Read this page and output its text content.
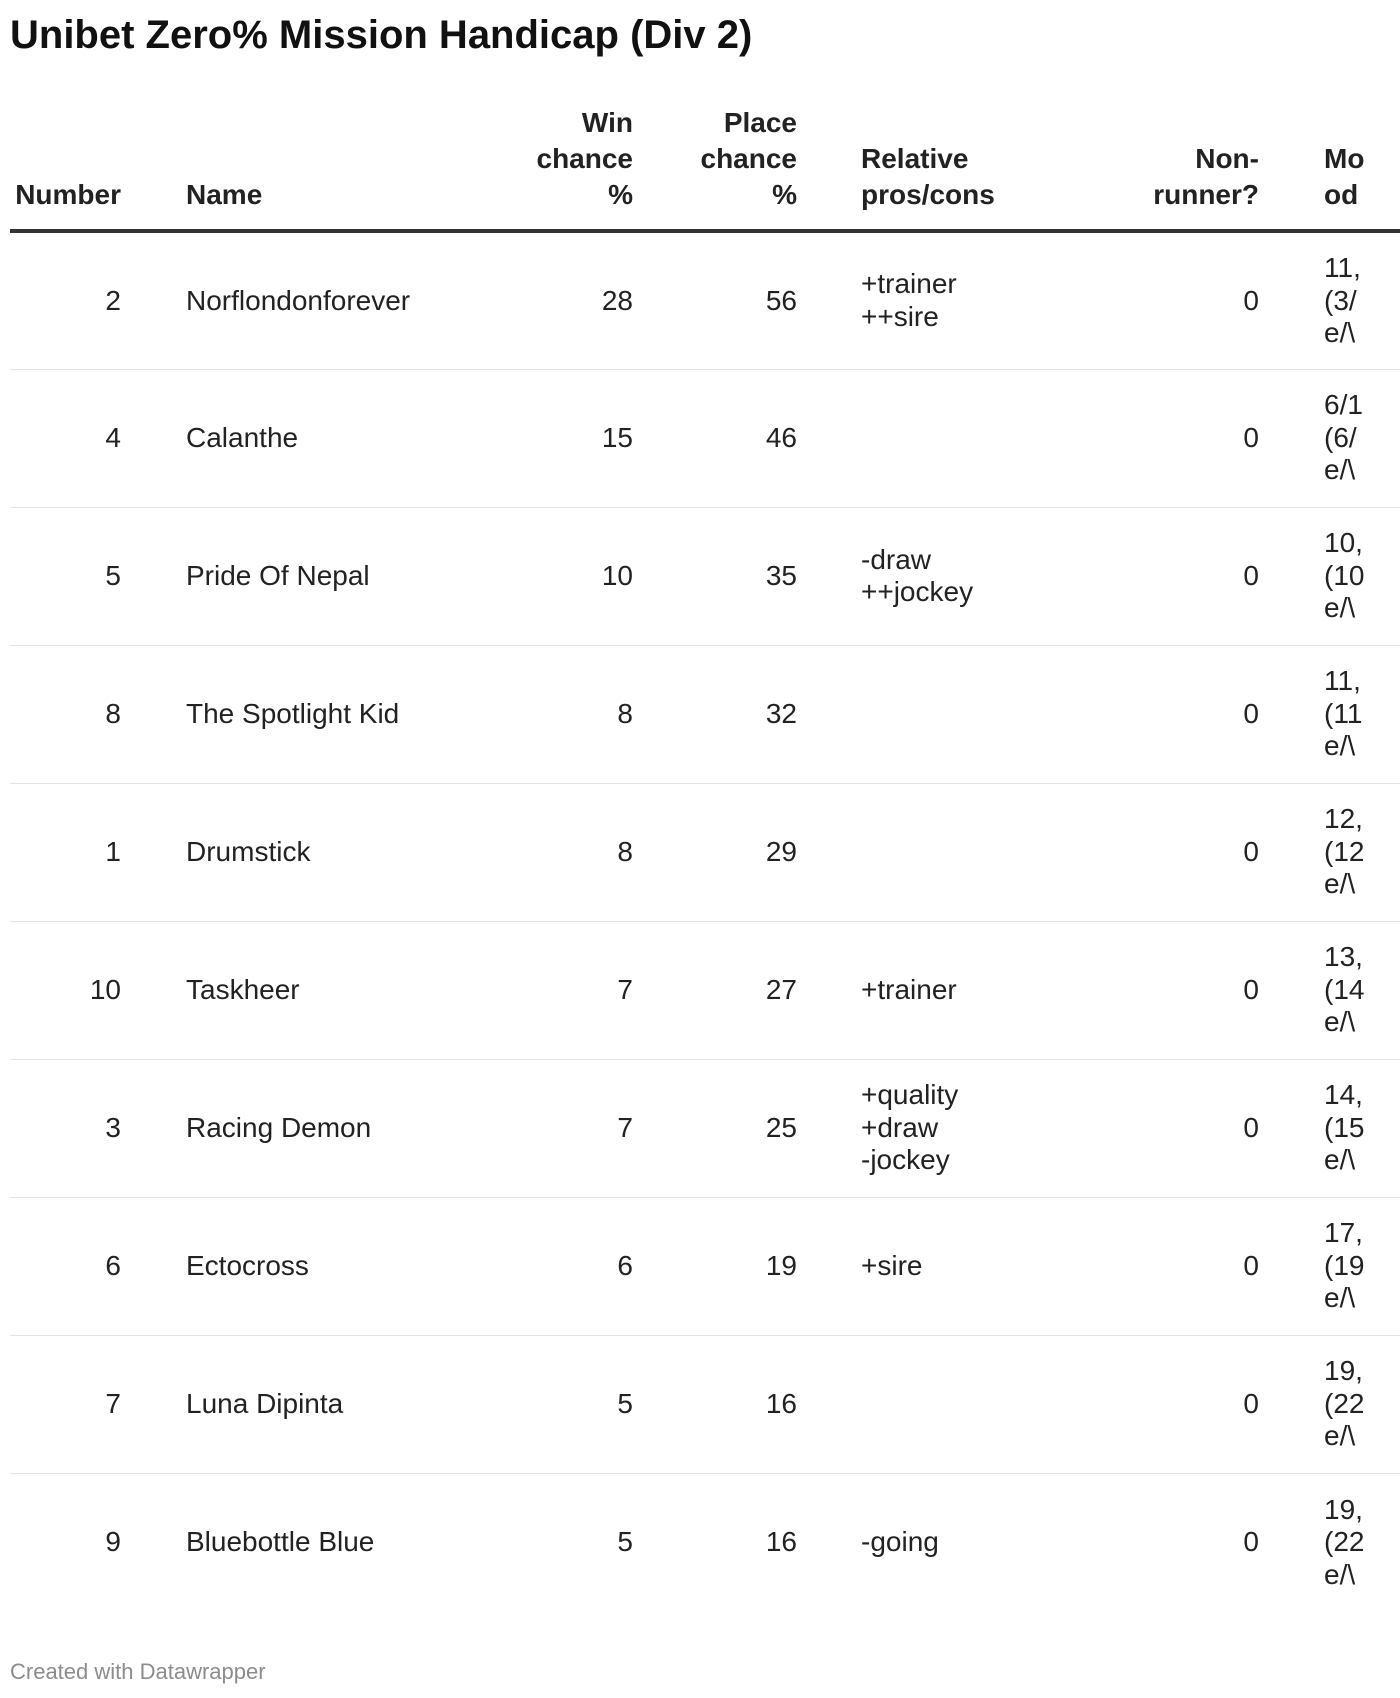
Unibet Zero% Mission Handicap (Div 2)
Number	Name	Win chance %	Place chance %	Relative pros/cons	Non-runner?	Mo od
2	Norflondonforever	28	56	+trainer
++sire	0	11,
(3/
e/\

4	Calanthe	15	46		0	6/1
(6/
e/\

5	Pride Of Nepal	10	35	-draw
++jockey	0	10,
(10
e/\

8	The Spotlight Kid	8	32		0	11,
(11
e/\

1	Drumstick	8	29		0	12,
(12
e/\

10	Taskheer	7	27	+trainer	0	13,
(14
e/\

3	Racing Demon	7	25	+quality
+draw
-jockey	0	14,
(15
e/\

6	Ectocross	6	19	+sire	0	17,
(19
e/\

7	Luna Dipinta	5	16		0	19,
(22
e/\

9	Bluebottle Blue	5	16	-going	0	19,
(22
e/\
Created with Datawrapper
